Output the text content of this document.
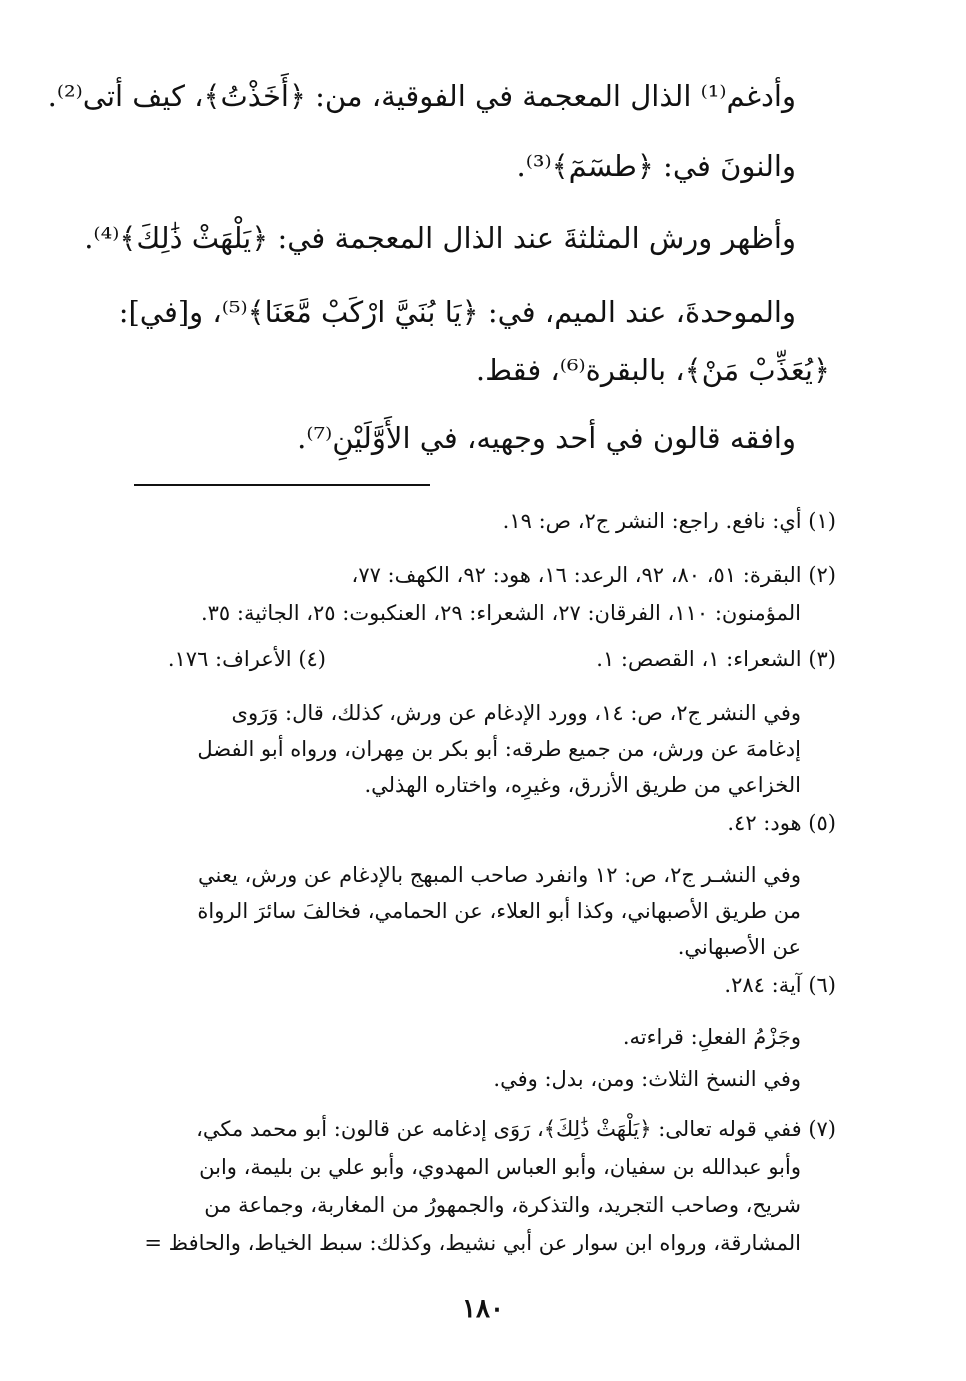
وأدغم⁽¹⁾ الذال المعجمة في الفوقية، من: ﴿أَخَذْتُ﴾، كيف أتى⁽²⁾.
والنونَ في: ﴿طسٓمٓ﴾⁽³⁾.
وأظهر ورش المثلثةَ عند الذال المعجمة في: ﴿يَلْهَثْ ذَٰلِكَ﴾⁽⁴⁾.
والموحدةَ، عند الميم، في: ﴿يَا بُنَيَّ ارْكَبْ مَّعَنَا﴾⁽⁵⁾، و[في]:
﴿يُعَذِّبْ مَنْ﴾، بالبقرة⁽⁶⁾، فقط.
وافقه قالون في أحد وجهيه، في الأَوَّلَيْنِ⁽⁷⁾.
(١) أي: نافع. راجع: النشر ج٢، ص: ١٩.
(٢) البقرة: ٥١، ٨٠، ٩٢، الرعد: ١٦، هود: ٩٢، الكهف: ٧٧،
المؤمنون: ١١٠، الفرقان: ٢٧، الشعراء: ٢٩، العنكبوت: ٢٥، الجاثية: ٣٥.
(٣) الشعراء: ١، القصص: ١.
(٤) الأعراف: ١٧٦.
وفي النشر ج٢، ص: ١٤، وورد الإدغام عن ورش، كذلك، قال: وَرَوى
إدغامهَ عن ورش، من جميع طرقه: أبو بكر بن مِهران، ورواه أبو الفضل
الخزاعي من طريق الأزرق، وغيرِه، واختاره الهذلي.
(٥) هود: ٤٢.
وفي النشـر ج٢، ص: ١٢ وانفرد صاحب المبهج بالإدغام عن ورش، يعني
من طريق الأصبهاني، وكذا أبو العلاء، عن الحمامي، فخالفَ سائرَ الرواة
عن الأصبهاني.
(٦) آية: ٢٨٤.
وجَزْمُ الفعلِ: قراءته.
وفي النسخ الثلاث: ومن، بدل: وفي.
(٧) ففي قوله تعالى: ﴿يَلْهَثْ ذَٰلِكَ﴾، رَوَى إدغامه عن قالون: أبو محمد مكي،
وأبو عبدالله بن سفيان، وأبو العباس المهدوي، وأبو علي بن بليمة، وابن
شريح، وصاحب التجريد، والتذكرة، والجمهورُ من المغاربة، وجماعة من
المشارقة، ورواه ابن سوار عن أبي نشيط، وكذلك: سبط الخياط، والحافظ =
١٨٠
